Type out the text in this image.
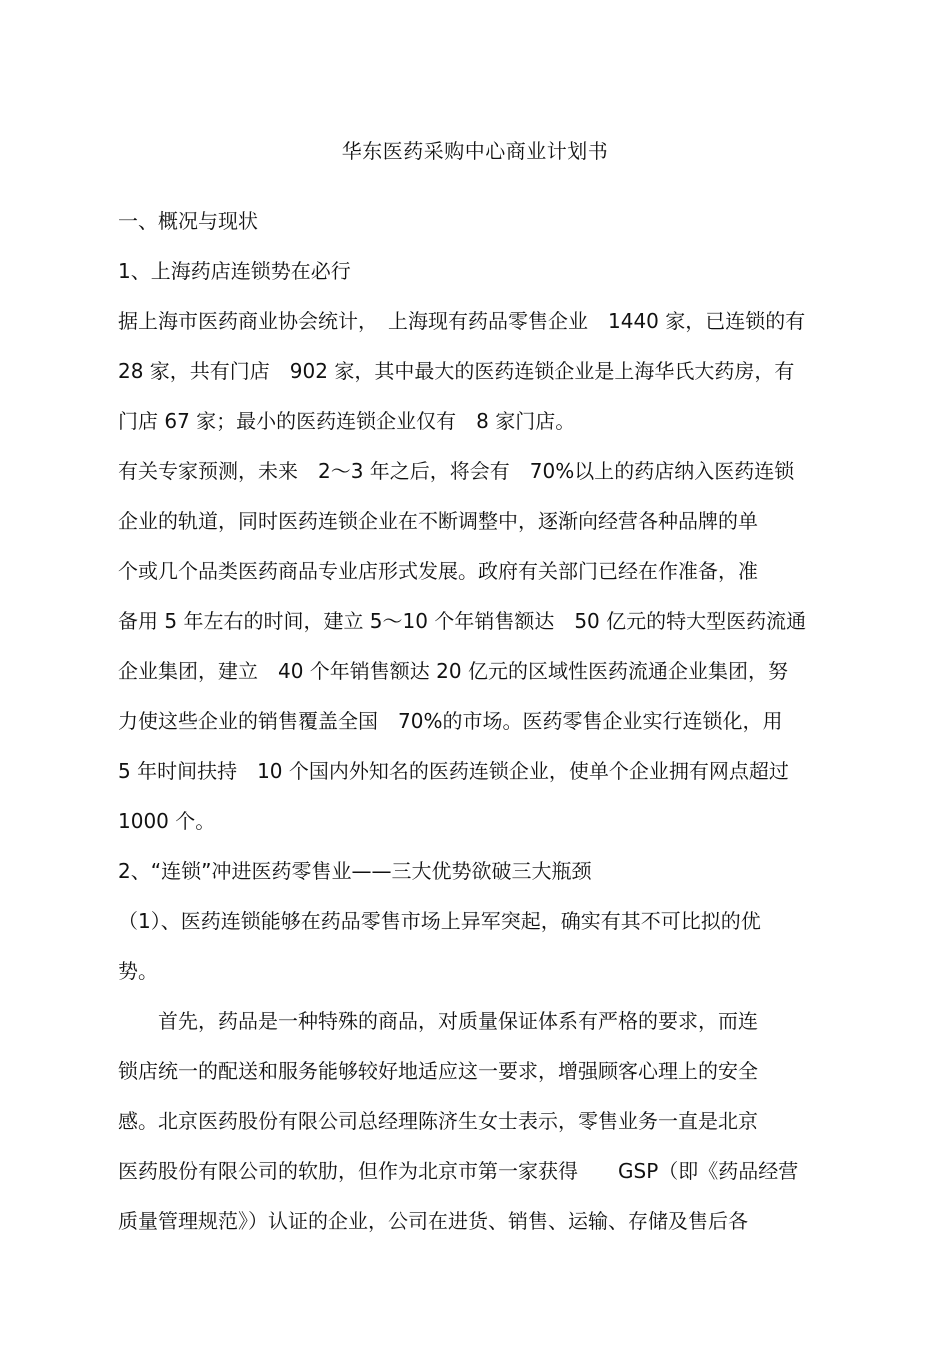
华东医药采购中心商业计划书
一、概况与现状
1、上海药店连锁势在必行
据上海市医药商业协会统计，　上海现有药品零售企业　1440 家，已连锁的有
28 家，共有门店　902 家，其中最大的医药连锁企业是上海华氏大药房，有
门店 67 家；最小的医药连锁企业仅有　8 家门店。
有关专家预测，未来　2～3 年之后，将会有　70%以上的药店纳入医药连锁
企业的轨道，同时医药连锁企业在不断调整中，逐渐向经营各种品牌的单
个或几个品类医药商品专业店形式发展。政府有关部门已经在作准备，准
备用 5 年左右的时间，建立 5～10 个年销售额达　50 亿元的特大型医药流通
企业集团，建立　40 个年销售额达 20 亿元的区域性医药流通企业集团，努
力使这些企业的销售覆盖全国　70%的市场。医药零售企业实行连锁化，用
5 年时间扶持　10 个国内外知名的医药连锁企业，使单个企业拥有网点超过
1000 个。
2、“连锁”冲进医药零售业——三大优势欲破三大瓶颈
（1）、医药连锁能够在药品零售市场上异军突起，确实有其不可比拟的优
势。
　　首先，药品是一种特殊的商品，对质量保证体系有严格的要求，而连
锁店统一的配送和服务能够较好地适应这一要求，增强顾客心理上的安全
感。北京医药股份有限公司总经理陈济生女士表示，零售业务一直是北京
医药股份有限公司的软肋，但作为北京市第一家获得　　GSP（即《药品经营
质量管理规范》）认证的企业，公司在进货、销售、运输、存储及售后各
